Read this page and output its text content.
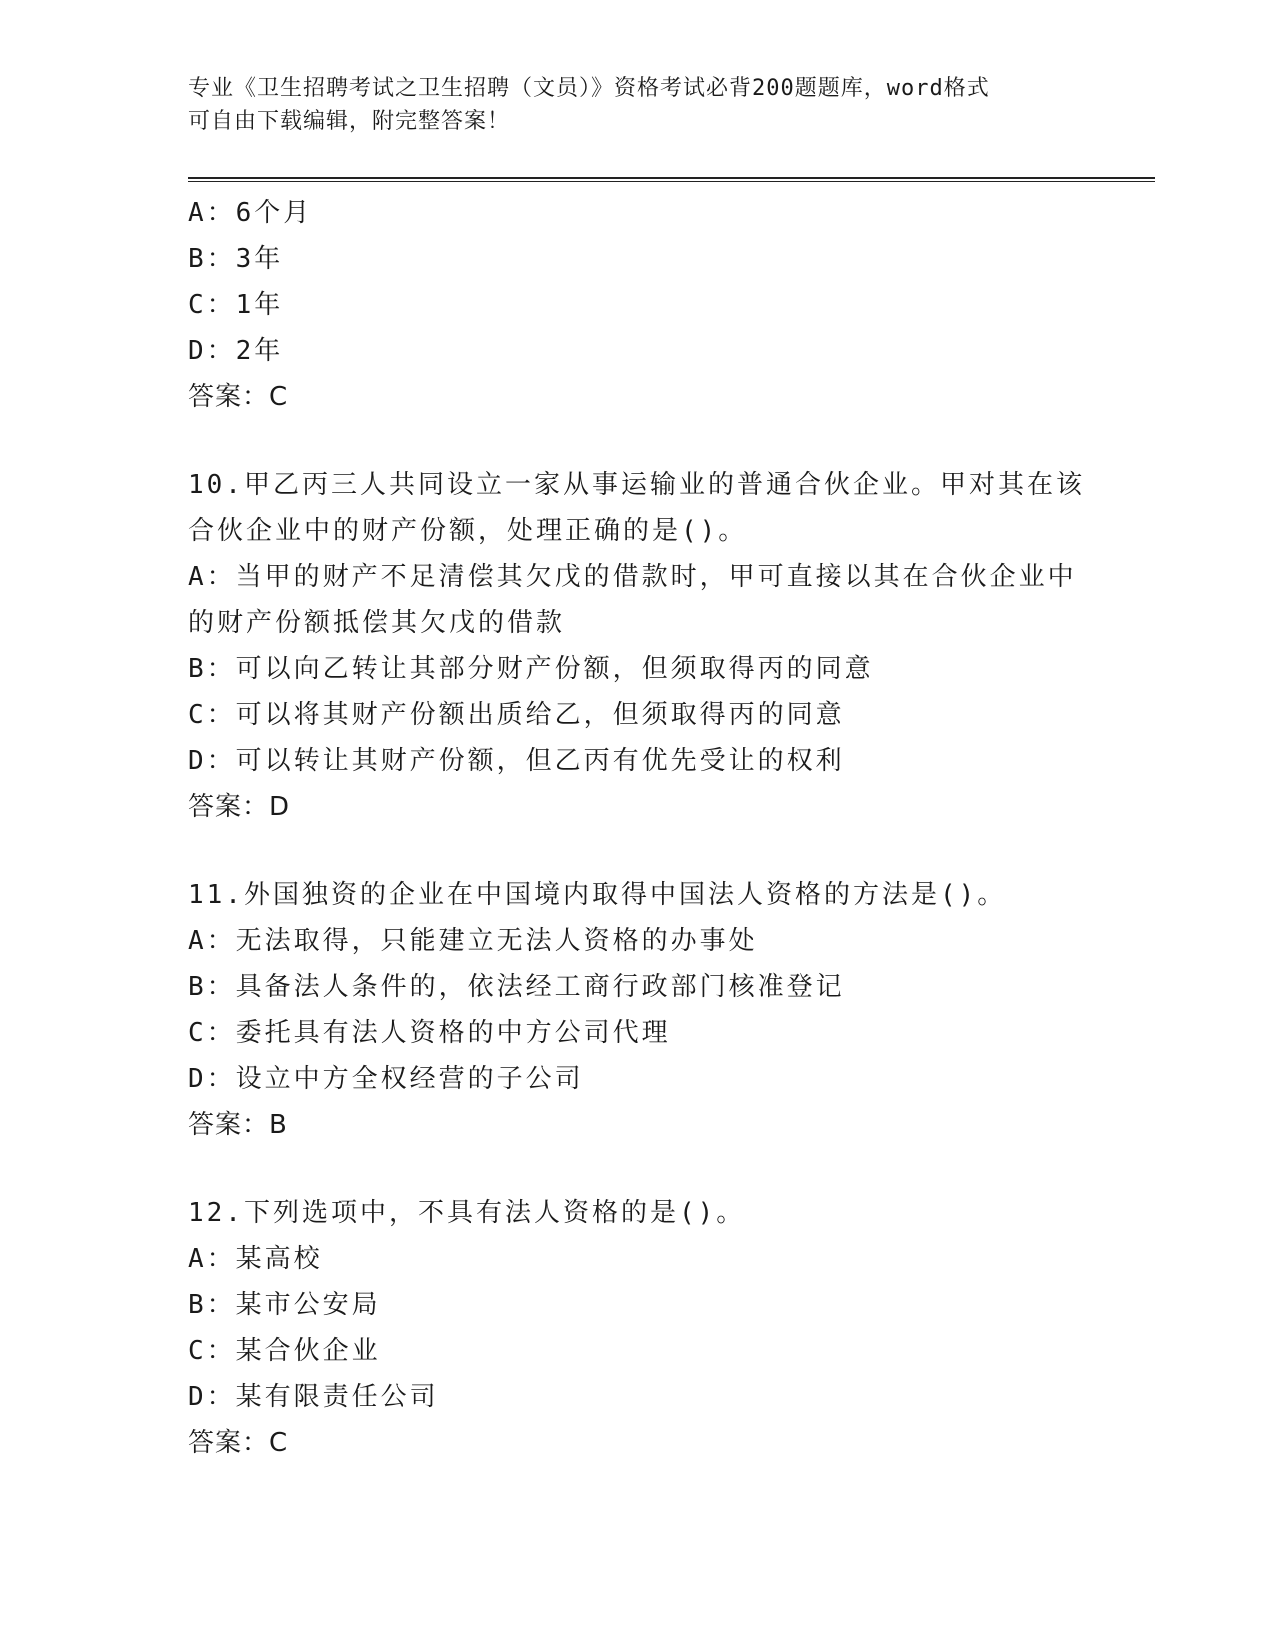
专业《卫生招聘考试之卫生招聘（文员）》资格考试必背200题题库，word格式
可自由下载编辑，附完整答案！
A：6个月
B：3年
C：1年
D：2年
答案：C
10.甲乙丙三人共同设立一家从事运输业的普通合伙企业。甲对其在该
合伙企业中的财产份额，处理正确的是()。
A：当甲的财产不足清偿其欠戊的借款时，甲可直接以其在合伙企业中
的财产份额抵偿其欠戊的借款
B：可以向乙转让其部分财产份额，但须取得丙的同意
C：可以将其财产份额出质给乙，但须取得丙的同意
D：可以转让其财产份额，但乙丙有优先受让的权利
答案：D
11.外国独资的企业在中国境内取得中国法人资格的方法是()。
A：无法取得，只能建立无法人资格的办事处
B：具备法人条件的，依法经工商行政部门核准登记
C：委托具有法人资格的中方公司代理
D：设立中方全权经营的子公司
答案：B
12.下列选项中，不具有法人资格的是()。
A：某高校
B：某市公安局
C：某合伙企业
D：某有限责任公司
答案：C
